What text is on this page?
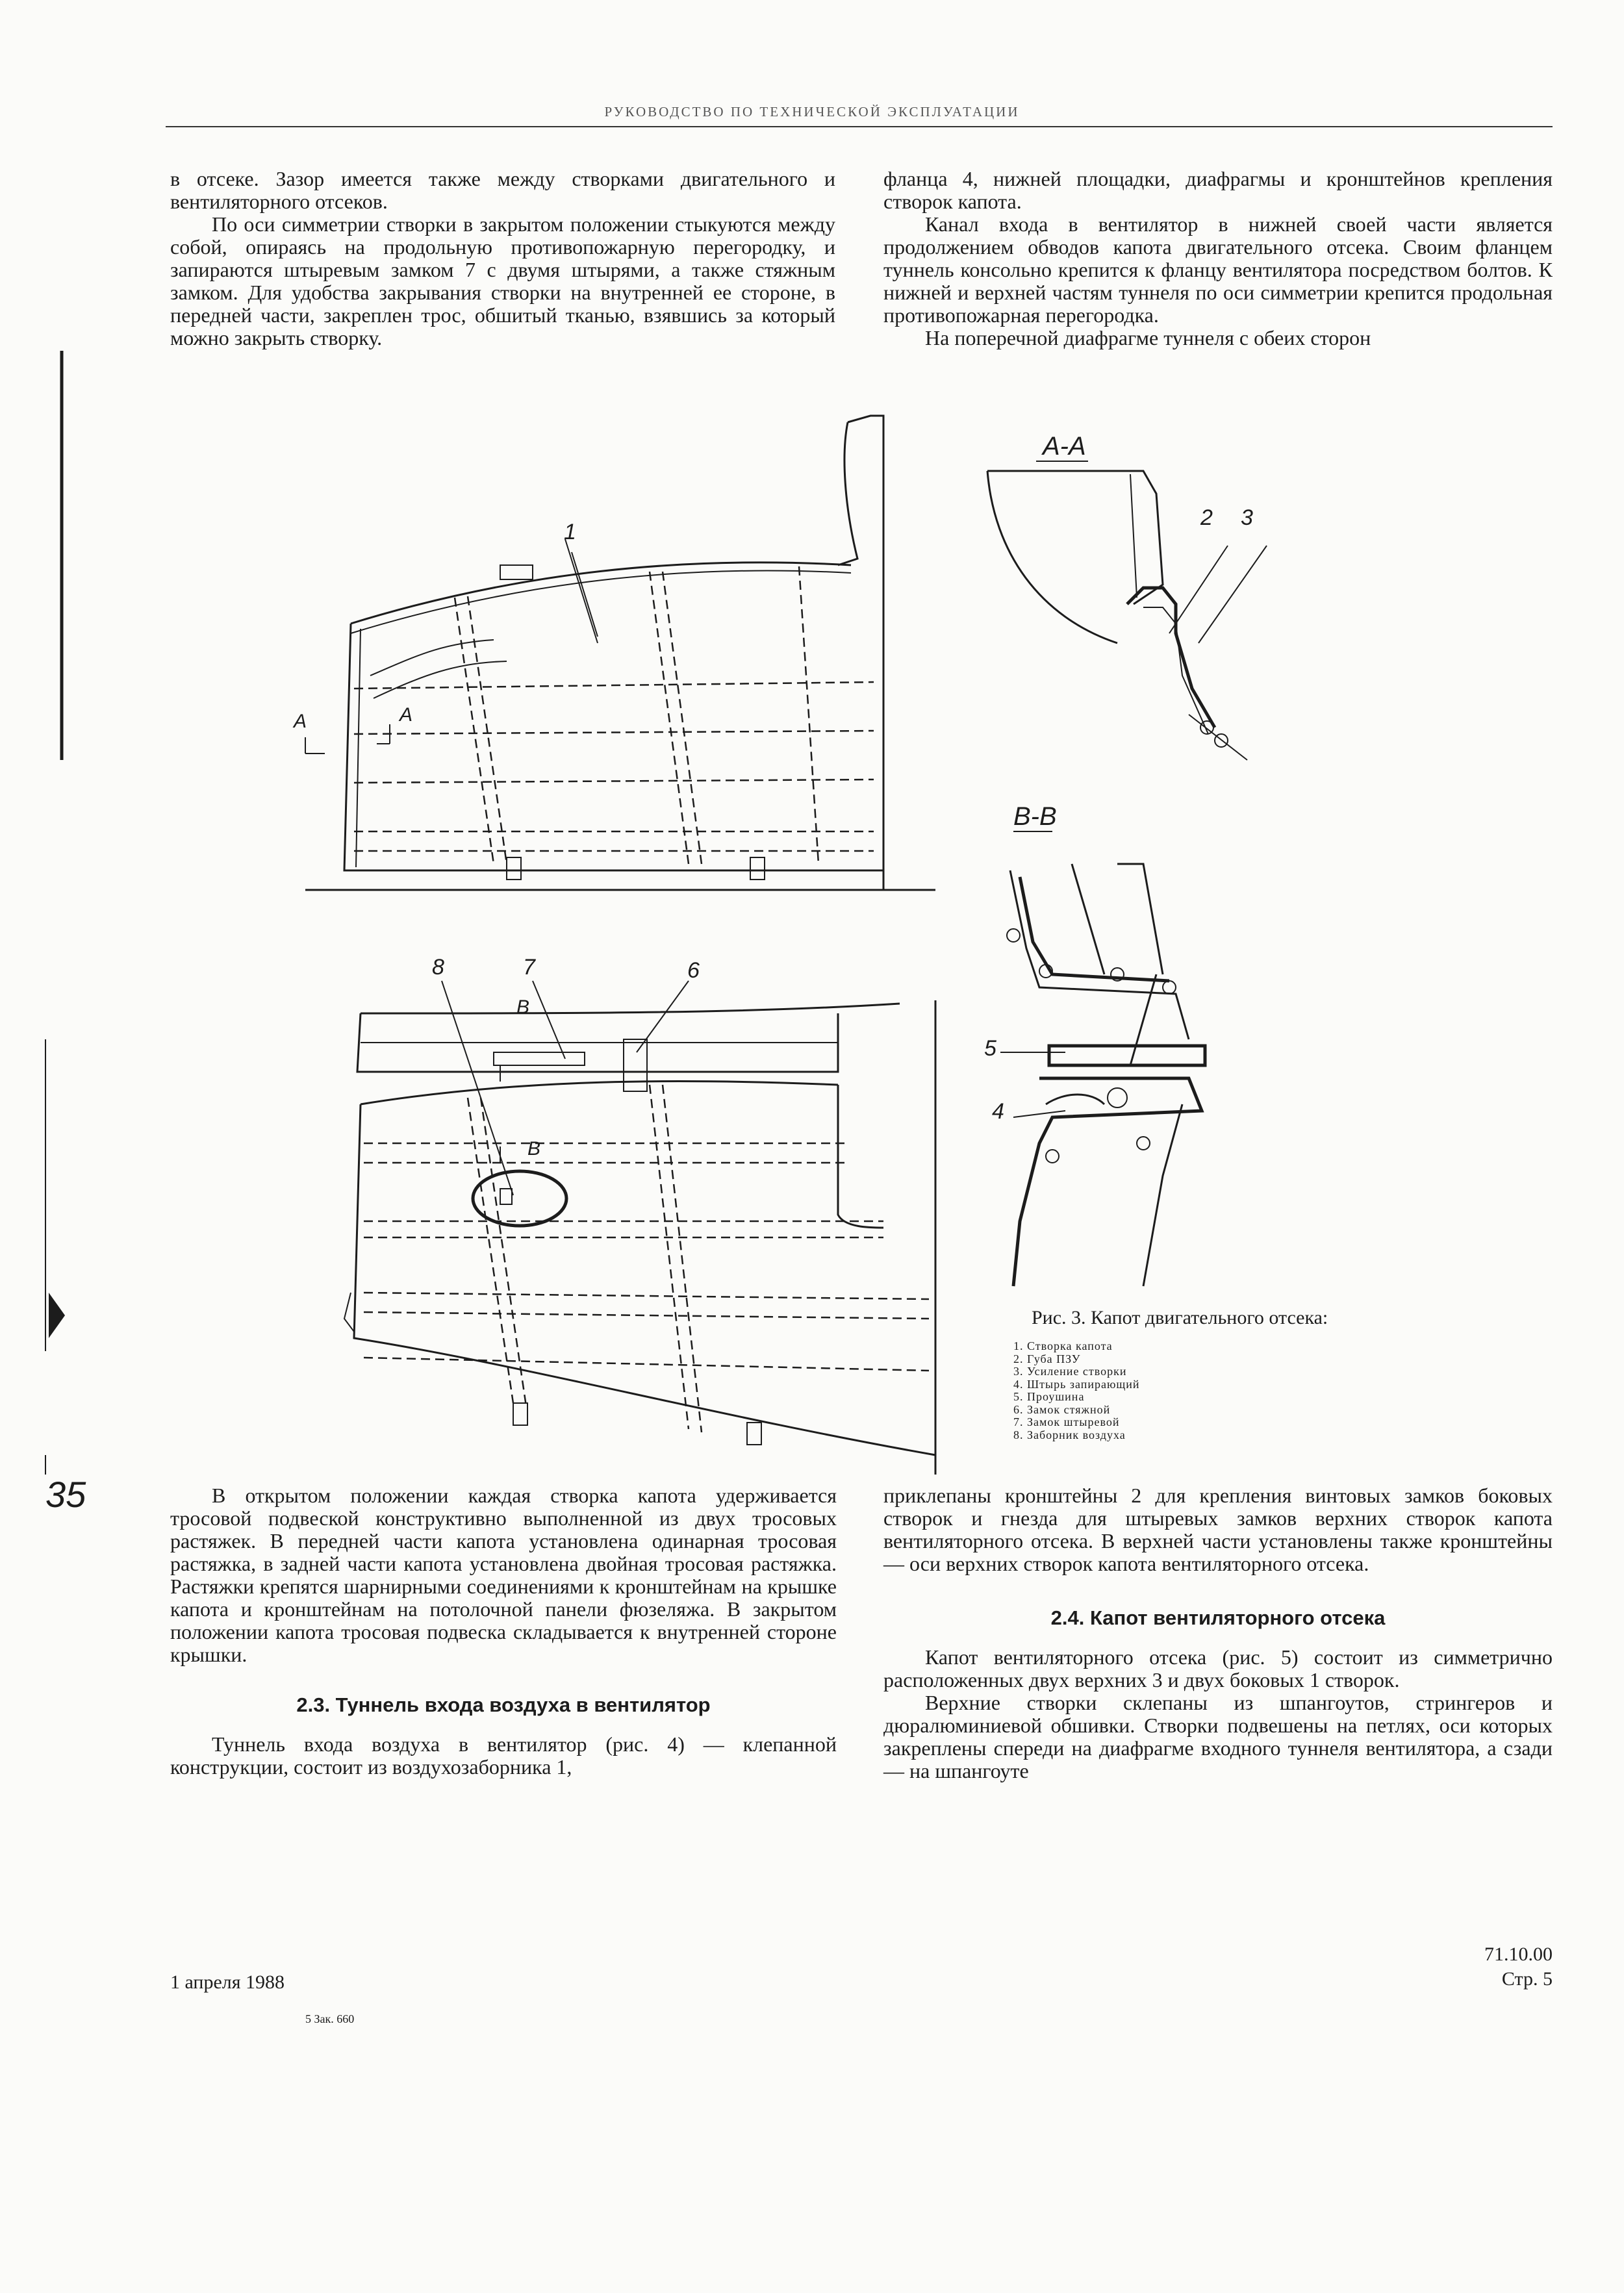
РУКОВОДСТВО ПО ТЕХНИЧЕСКОЙ ЭКСПЛУАТАЦИИ

в отсеке. Зазор имеется также между створками двигательного и вентиляторного отсеков.

По оси симметрии створки в закрытом положении стыкуются между собой, опираясь на продольную противопожарную перегородку, и запираются штыревым замком 7 с двумя штырями, а также стяжным замком. Для удобства закрывания створки на внутренней ее стороне, в передней части, закреплен трос, обшитый тканью, взявшись за который можно закрыть створку.

фланца 4, нижней площадки, диафрагмы и кронштейнов крепления створок капота.

Канал входа в вентилятор в нижней своей части является продолжением обводов капота двигательного отсека. Своим фланцем туннель консольно крепится к фланцу вентилятора посредством болтов. К нижней и верхней частям туннеля по оси симметрии крепится продольная противопожарная перегородка.

На поперечной диафрагме туннеля с обеих сторон

1
2 3
5
4
8	7	6
А	А
В
В
А-А
В-В
35
Рис. 3. Капот двигательного отсека:
1. Створка капота
2. Губа ПЗУ
3. Усиление створки
4. Штырь запирающий
5. Проушина
6. Замок стяжной
7. Замок штыревой
8. Заборник воздуха

В открытом положении каждая створка капота удерживается тросовой подвеской конструктивно выполненной из двух тросовых растяжек. В передней части капота установлена одинарная тросовая растяжка, в задней части капота установлена двойная тросовая растяжка. Растяжки крепятся шарнирными соединениями к кронштейнам на крышке капота и кронштейнам на потолочной панели фюзеляжа. В закрытом положении капота тросовая подвеска складывается к внутренней стороне крышки.

2.3. Туннель входа воздуха в вентилятор

Туннель входа воздуха в вентилятор (рис. 4) — клепанной конструкции, состоит из воздухозаборника 1,

приклепаны кронштейны 2 для крепления винтовых замков боковых створок и гнезда для штыревых замков верхних створок капота вентиляторного отсека. В верхней части установлены также кронштейны — оси верхних створок капота вентиляторного отсека.

2.4. Капот вентиляторного отсека

Капот вентиляторного отсека (рис. 5) состоит из симметрично расположенных двух верхних 3 и двух боковых 1 створок.

Верхние створки склепаны из шпангоутов, стрингеров и дюралюминиевой обшивки. Створки подвешены на петлях, оси которых закреплены спереди на диафрагме входного туннеля вентилятора, а сзади — на шпангоуте

1 апреля 1988
5 Зак. 660
71.10.00
Стр. 5
